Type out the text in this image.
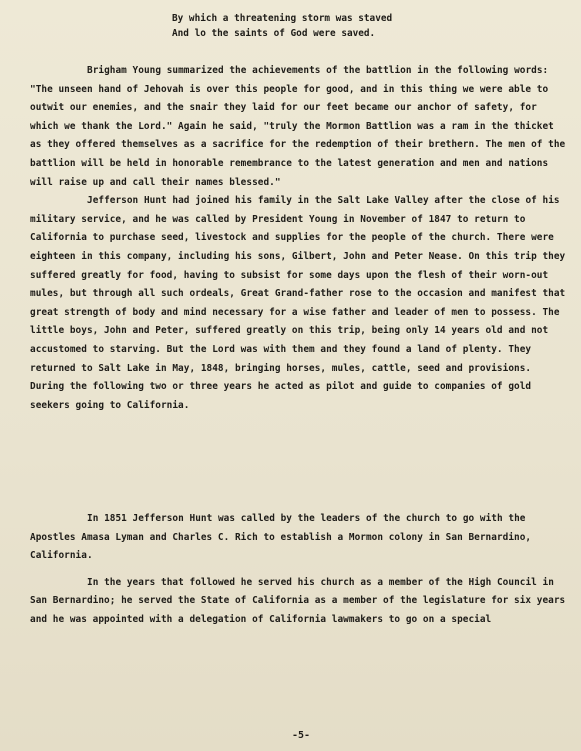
By which a threatening storm was staved
And lo the saints of God were saved.

Brigham Young summarized the achievements of the battlion in the following words: "The unseen hand of Jehovah is over this people for good, and in this thing we were able to outwit our enemies, and the snair they laid for our feet became our anchor of safety, for which we thank the Lord." Again he said, "truly the Mormon Battlion was a ram in the thicket as they offered themselves as a sacrifice for the redemption of their brethern. The men of the battlion will be held in honorable remembrance to the latest generation and men and nations will raise up and call their names blessed."

Jefferson Hunt had joined his family in the Salt Lake Valley after the close of his military service, and he was called by President Young in November of 1847 to return to California to purchase seed, livestock and supplies for the people of the church. There were eighteen in this company, including his sons, Gilbert, John and Peter Nease. On this trip they suffered greatly for food, having to subsist for some days upon the flesh of their worn-out mules, but through all such ordeals, Great Grand-father rose to the occasion and manifest that great strength of body and mind necessary for a wise father and leader of men to possess. The little boys, John and Peter, suffered greatly on this trip, being only 14 years old and not accustomed to starving. But the Lord was with them and they found a land of plenty. They returned to Salt Lake in May, 1848, bringing horses, mules, cattle, seed and provisions. During the following two or three years he acted as pilot and guide to companies of gold seekers going to California.

In 1851 Jefferson Hunt was called by the leaders of the church to go with the Apostles Amasa Lyman and Charles C. Rich to establish a Mormon colony in San Bernardino, California.

In the years that followed he served his church as a member of the High Council in San Bernardino; he served the State of California as a member of the legislature for six years and he was appointed with a delegation of California lawmakers to go on a special

-5-
